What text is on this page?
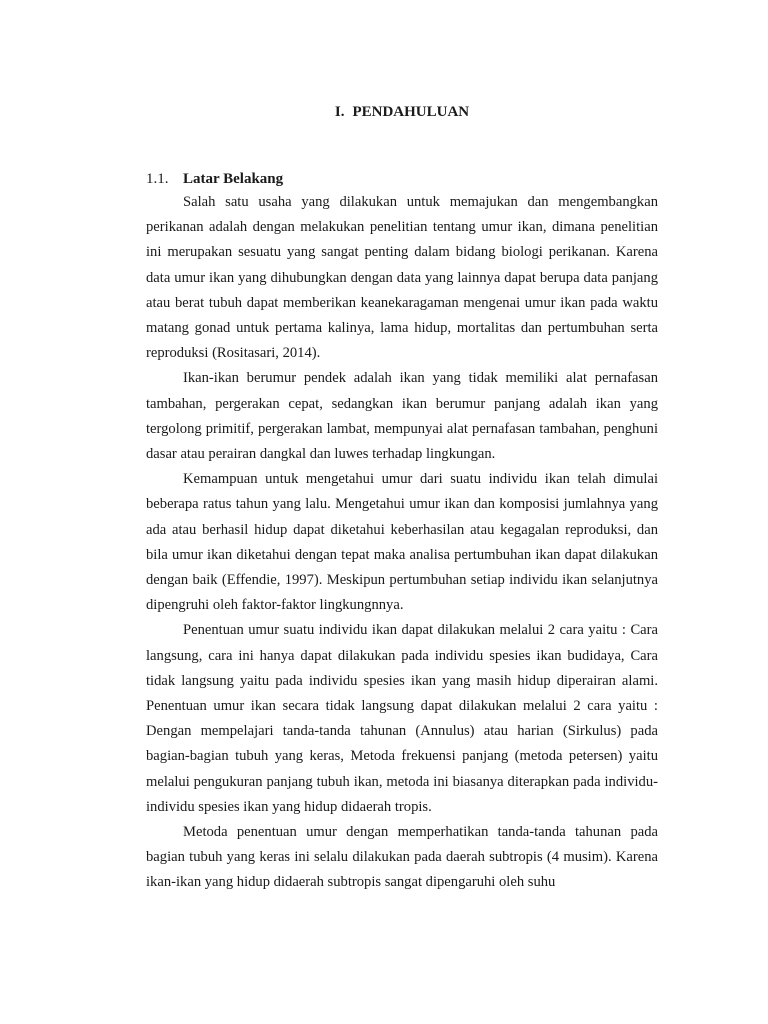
I. PENDAHULUAN
1.1. Latar Belakang

Salah satu usaha yang dilakukan untuk memajukan dan mengembangkan perikanan adalah dengan melakukan penelitian tentang umur ikan, dimana penelitian ini merupakan sesuatu yang sangat penting dalam bidang biologi perikanan. Karena data umur ikan yang dihubungkan dengan data yang lainnya dapat berupa data panjang atau berat tubuh dapat memberikan keanekaragaman mengenai umur ikan pada waktu matang gonad untuk pertama kalinya, lama hidup, mortalitas dan pertumbuhan serta reproduksi (Rositasari, 2014).

Ikan-ikan berumur pendek adalah ikan yang tidak memiliki alat pernafasan tambahan, pergerakan cepat, sedangkan ikan berumur panjang adalah ikan yang tergolong primitif, pergerakan lambat, mempunyai alat pernafasan tambahan, penghuni dasar atau perairan dangkal dan luwes terhadap lingkungan.

Kemampuan untuk mengetahui umur dari suatu individu ikan telah dimulai beberapa ratus tahun yang lalu. Mengetahui umur ikan dan komposisi jumlahnya yang ada atau berhasil hidup dapat diketahui keberhasilan atau kegagalan reproduksi, dan bila umur ikan diketahui dengan tepat maka analisa pertumbuhan ikan dapat dilakukan dengan baik (Effendie, 1997). Meskipun pertumbuhan setiap individu ikan selanjutnya dipengruhi oleh faktor-faktor lingkungnnya.

Penentuan umur suatu individu ikan dapat dilakukan melalui 2 cara yaitu : Cara langsung, cara ini hanya dapat dilakukan pada individu spesies ikan budidaya, Cara tidak langsung yaitu pada individu spesies ikan yang masih hidup diperairan alami. Penentuan umur ikan secara tidak langsung dapat dilakukan melalui 2 cara yaitu : Dengan mempelajari tanda-tanda tahunan (Annulus) atau harian (Sirkulus) pada bagian-bagian tubuh yang keras, Metoda frekuensi panjang (metoda petersen) yaitu melalui pengukuran panjang tubuh ikan, metoda ini biasanya diterapkan pada individu-individu spesies ikan yang hidup didaerah tropis.

Metoda penentuan umur dengan memperhatikan tanda-tanda tahunan pada bagian tubuh yang keras ini selalu dilakukan pada daerah subtropis (4 musim). Karena ikan-ikan yang hidup didaerah subtropis sangat dipengaruhi oleh suhu
